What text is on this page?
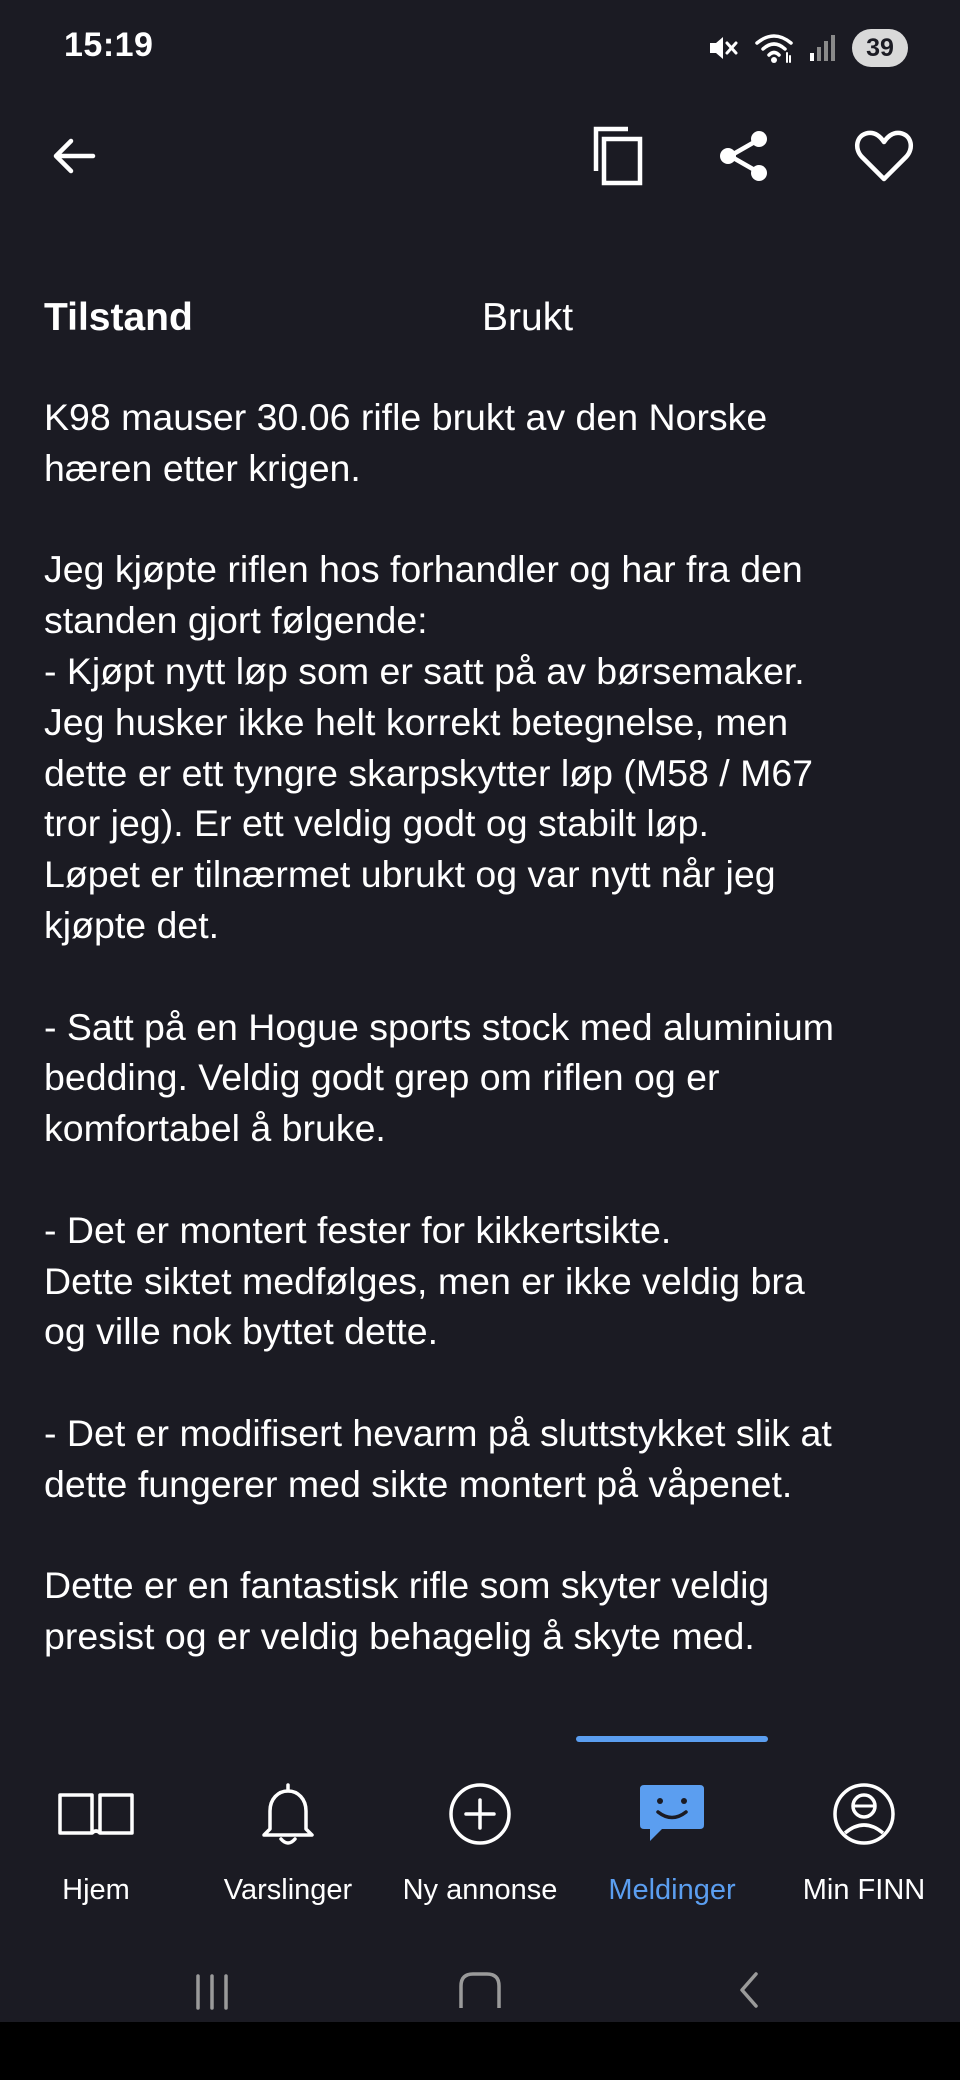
15:19	39
Tilstand	Brukt

K98 mauser 30.06 rifle brukt av den Norske
hæren etter krigen.

Jeg kjøpte riflen hos forhandler og har fra den
standen gjort følgende:
- Kjøpt nytt løp som er satt på av børsemaker.
Jeg husker ikke helt korrekt betegnelse, men
dette er ett tyngre skarpskytter løp (M58 / M67
tror jeg). Er ett veldig godt og stabilt løp.
Løpet er tilnærmet ubrukt og var nytt når jeg
kjøpte det.

- Satt på en Hogue sports stock med aluminium
bedding. Veldig godt grep om riflen og er
komfortabel å bruke.

- Det er montert fester for kikkertsikte.
Dette siktet medfølges, men er ikke veldig bra
og ville nok byttet dette.

- Det er modifisert hevarm på sluttstykket slik at
dette fungerer med sikte montert på våpenet.

Dette er en fantastisk rifle som skyter veldig
presist og er veldig behagelig å skyte med.

Hjem	Varslinger Ny annonse Meldinger Min FINN
